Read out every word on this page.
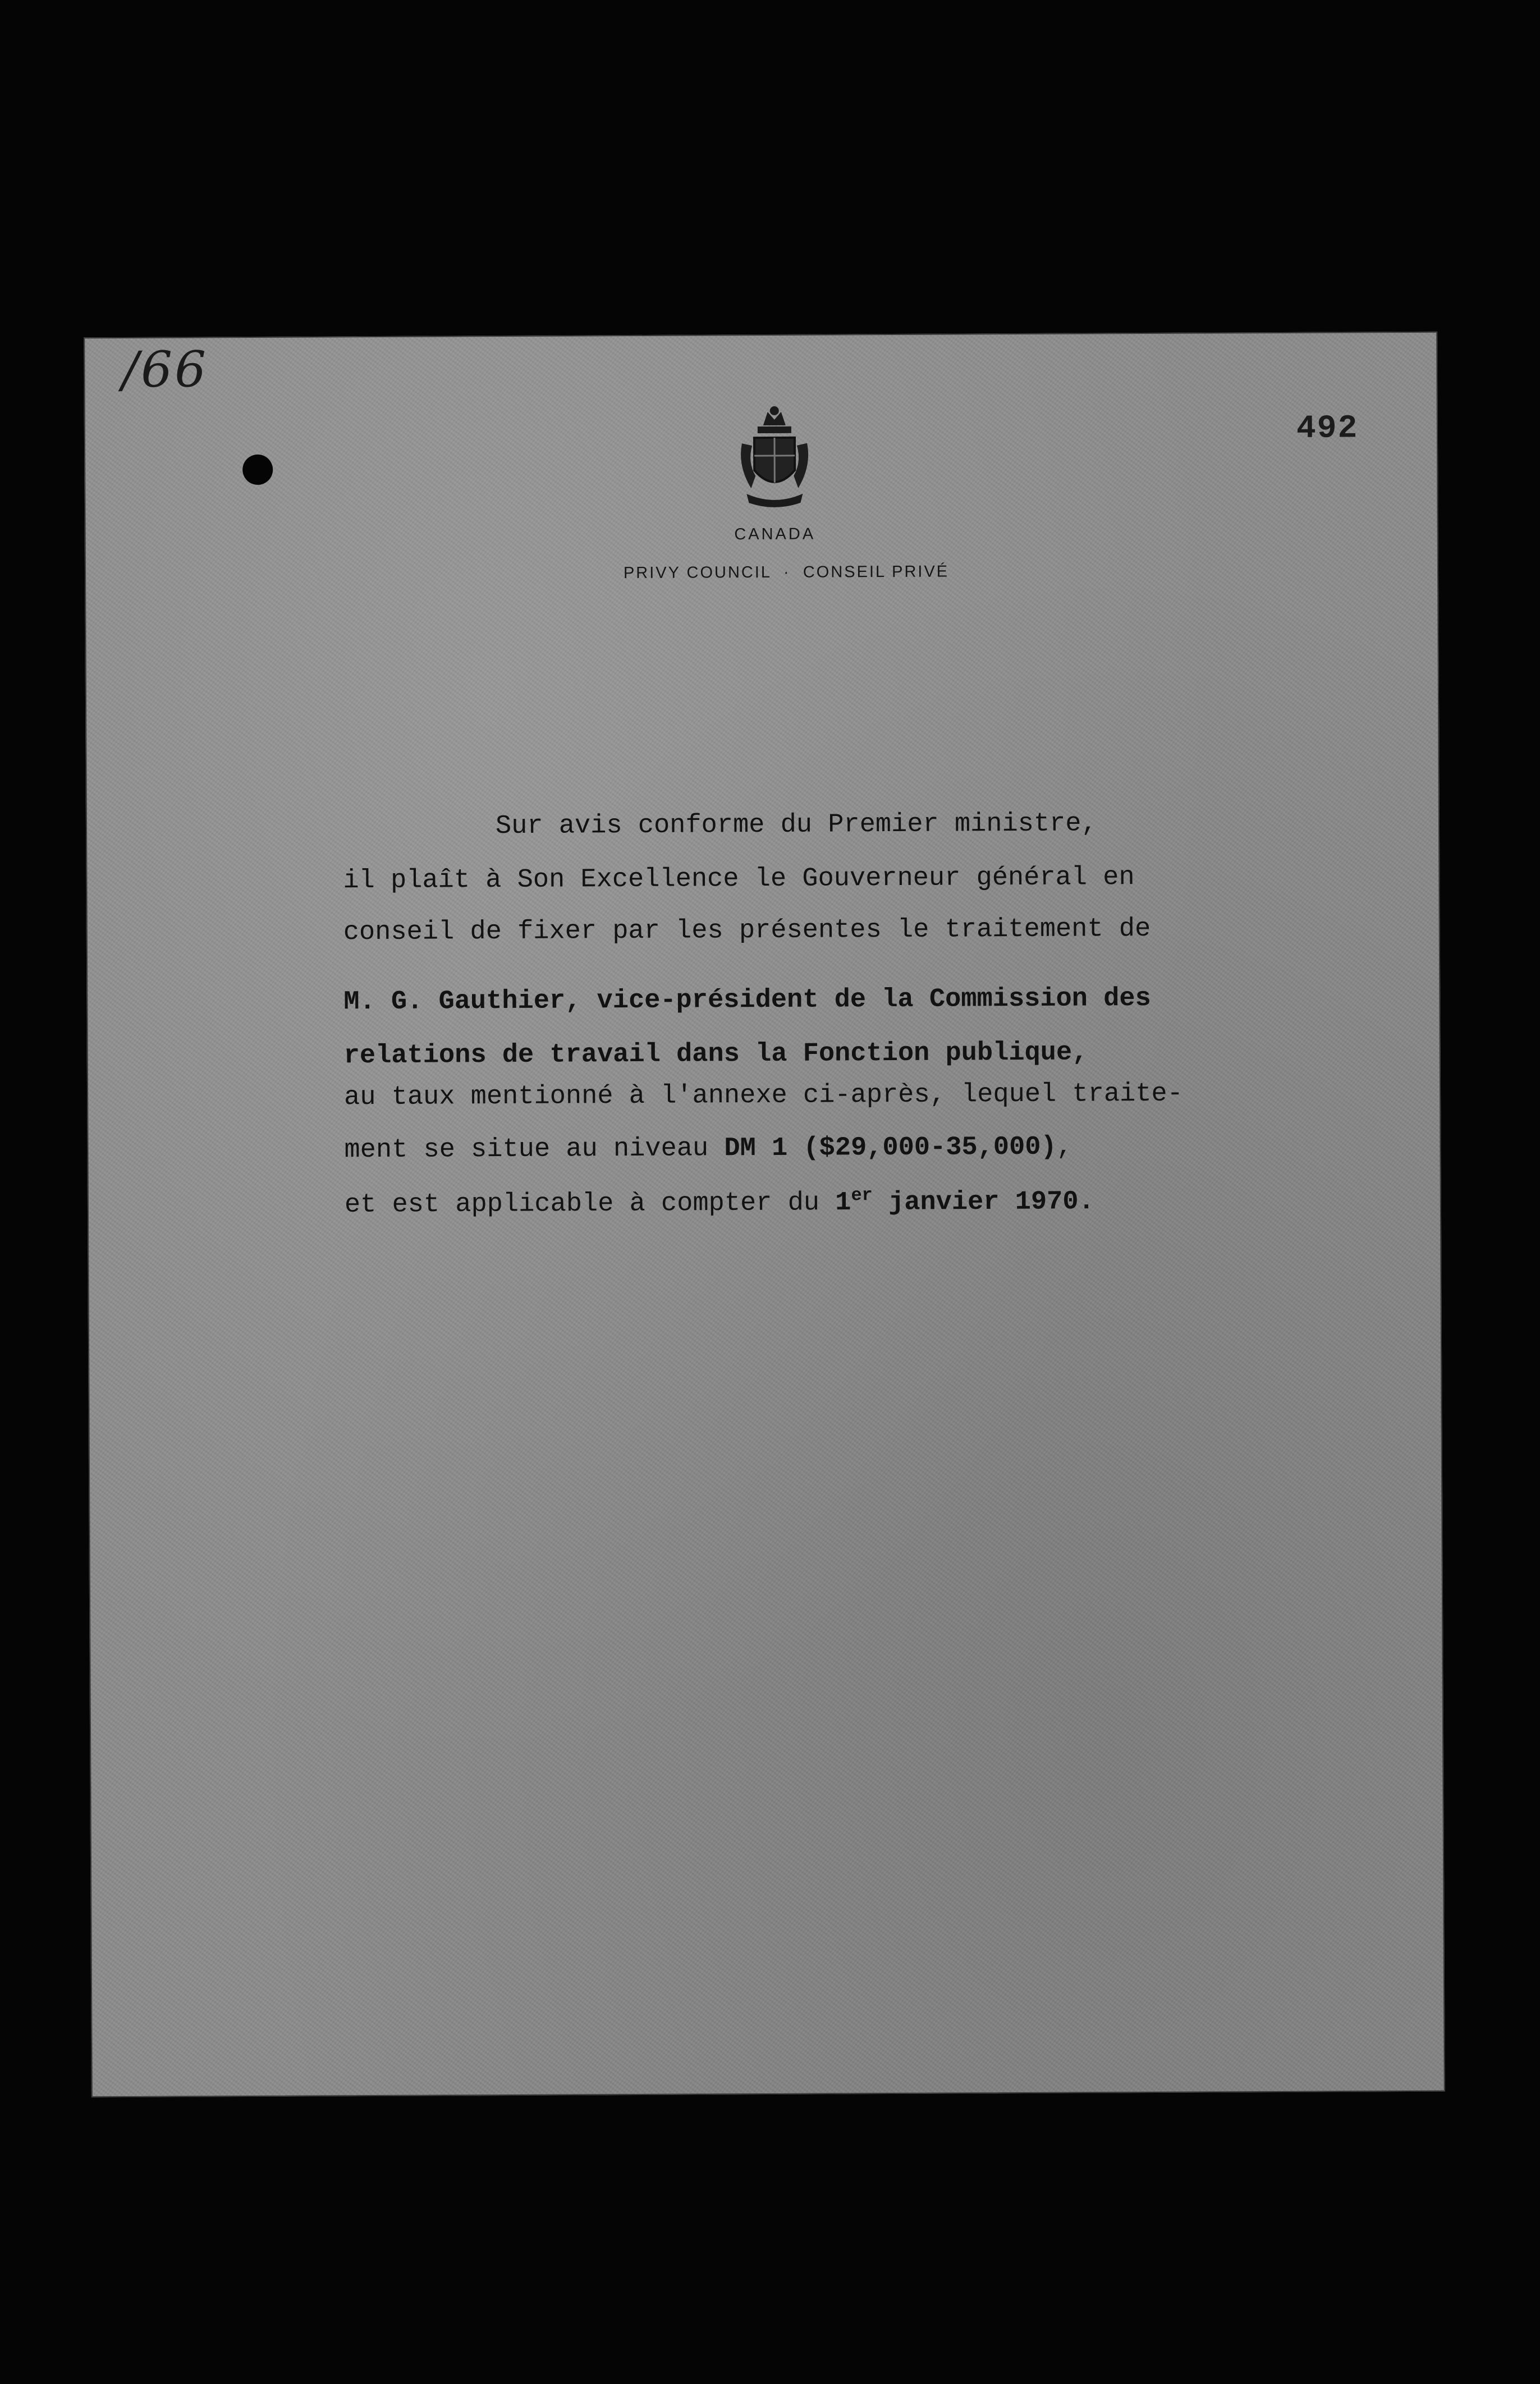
/66
492
CANADA
PRIVY COUNCIL  ·  CONSEIL PRIVÉ
Sur avis conforme du Premier ministre,
il plaît à Son Excellence le Gouverneur général en
conseil de fixer par les présentes le traitement de
M. G. Gauthier, vice-président de la Commission des
relations de travail dans la Fonction publique,
au taux mentionné à l'annexe ci-après, lequel traite-
ment se situe au niveau DM 1 ($29,000-35,000),
et est applicable à compter du 1er janvier 1970.
